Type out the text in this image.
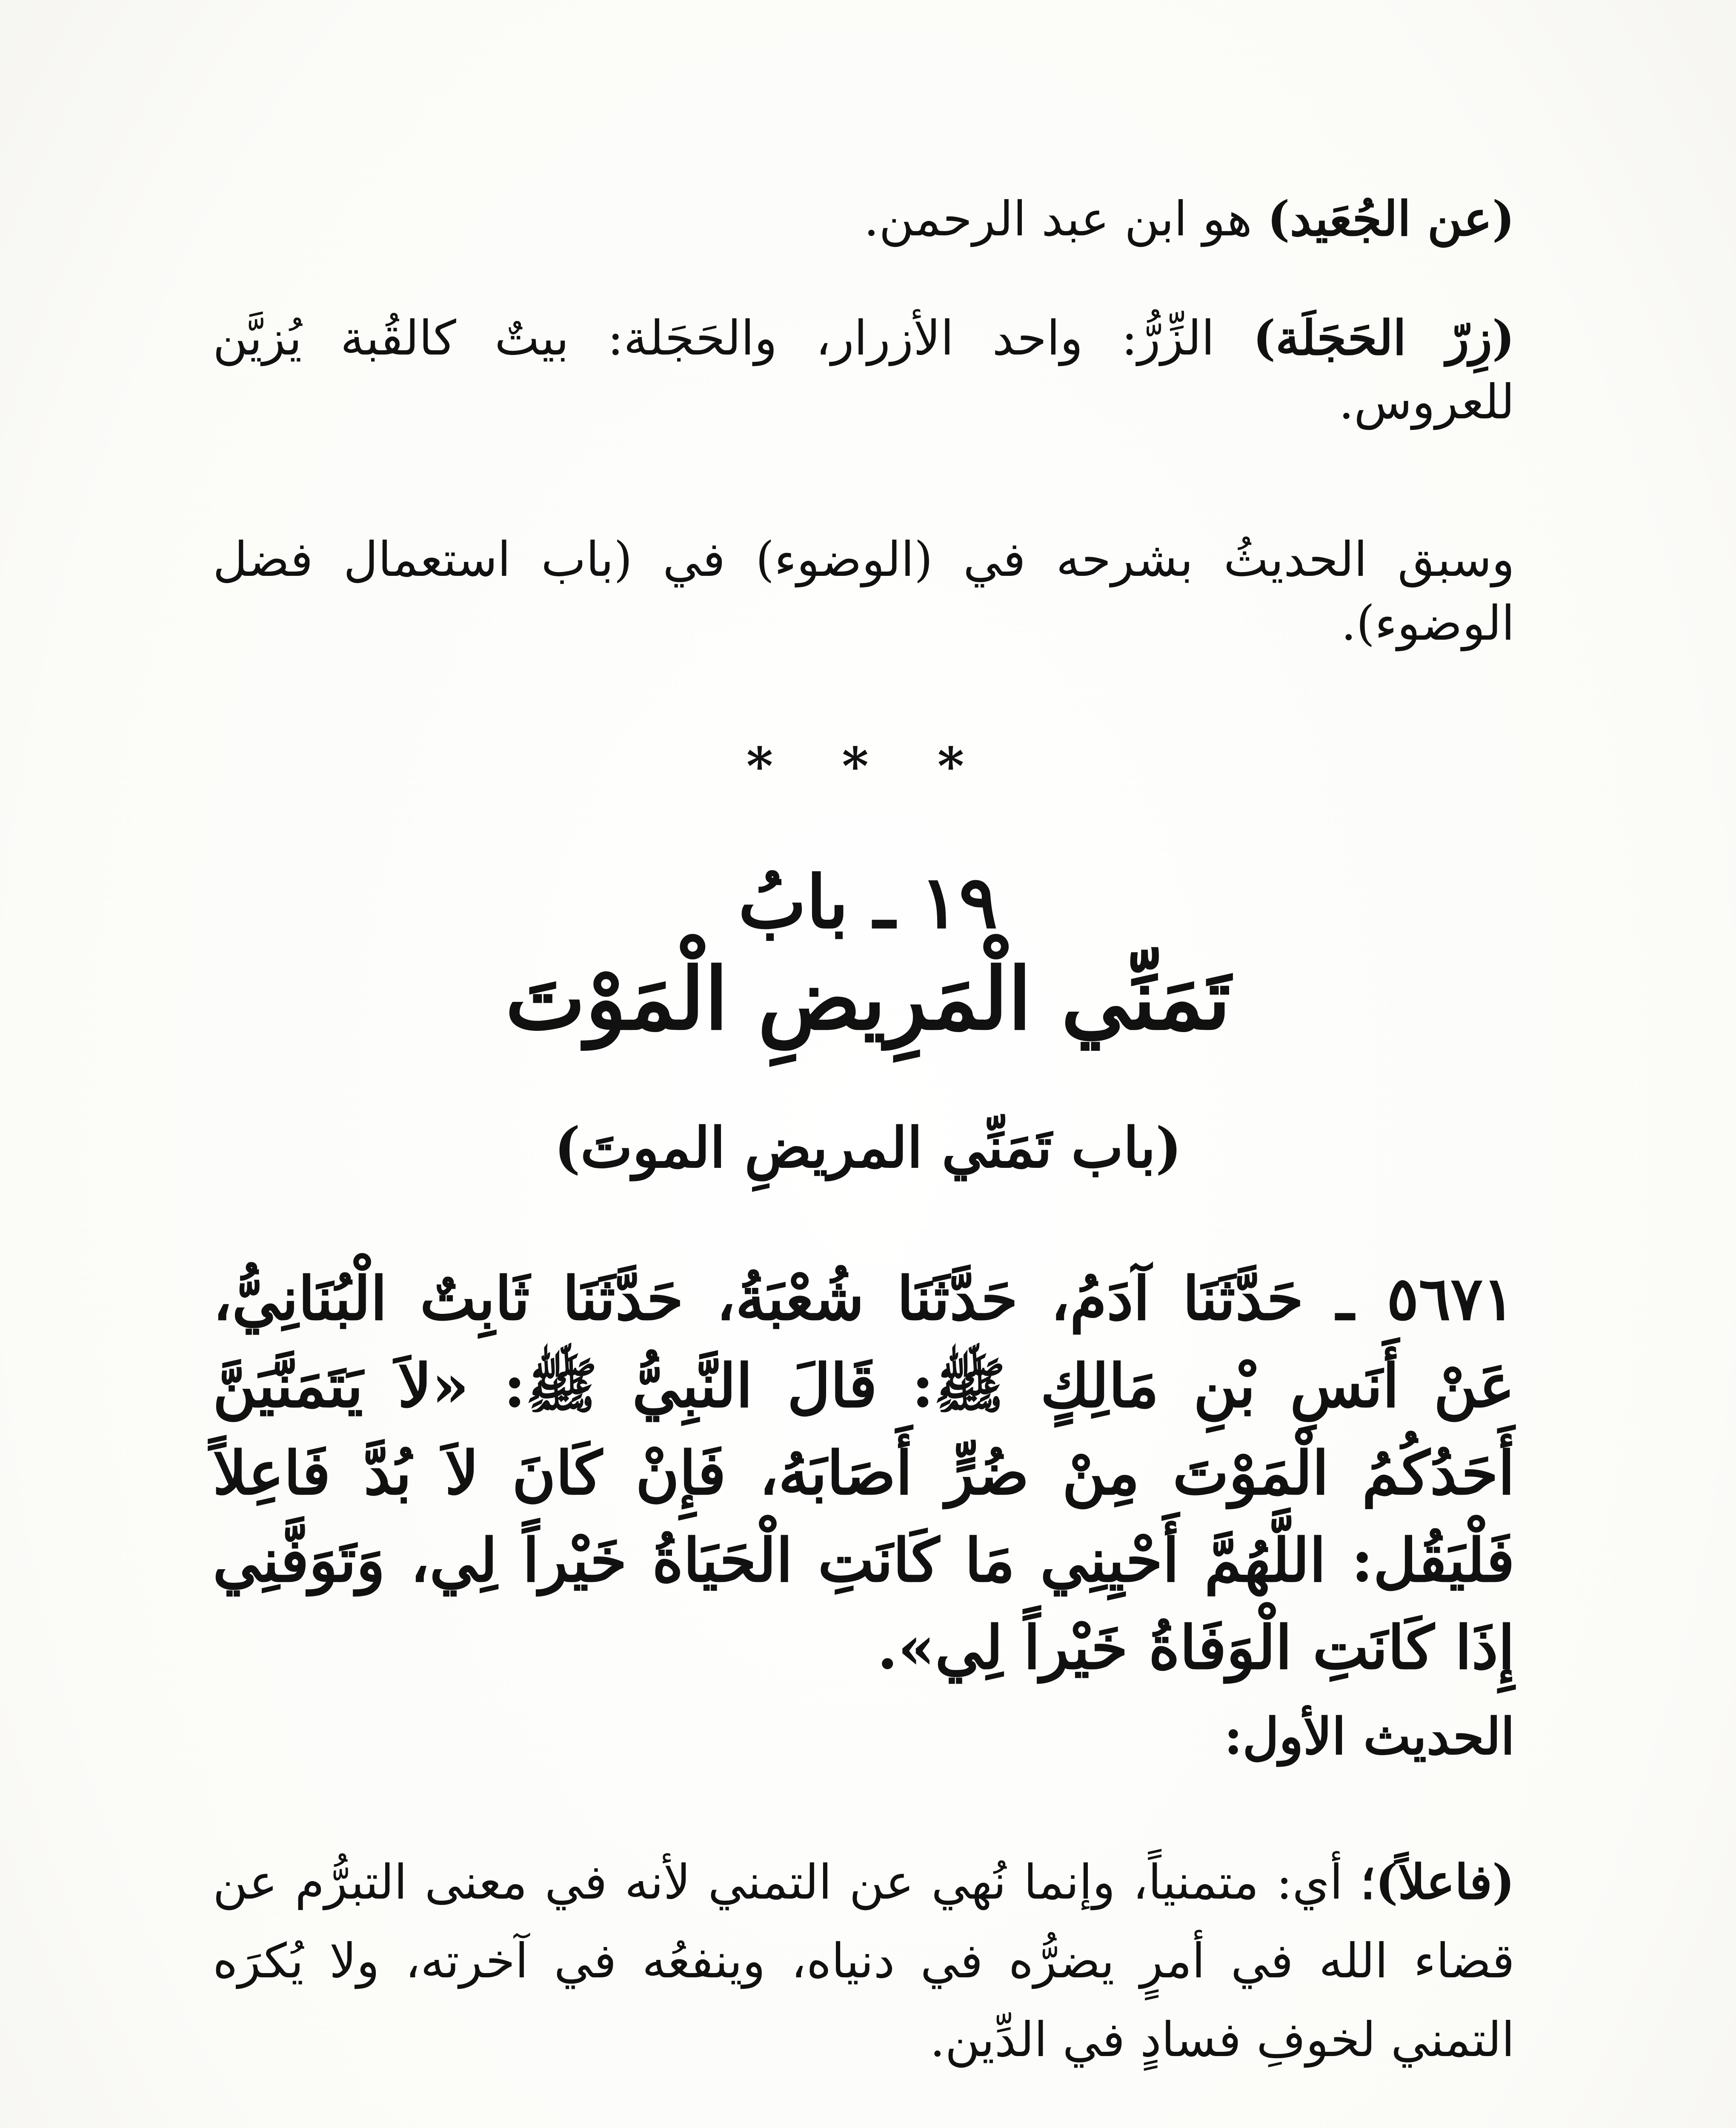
(عن الجُعَيد) هو ابن عبد الرحمن.
(زِرّ الحَجَلَة) الزِّرُّ: واحد الأزرار، والحَجَلة: بيتٌ كالقُبة يُزيَّن للعروس.
وسبق الحديثُ بشرحه في (الوضوء) في (باب استعمال فضل الوضوء).
* * *
١٩ ـ بابُ
تَمَنِّي الْمَرِيضِ الْمَوْتَ
(باب تَمَنِّي المريضِ الموتَ)
٥٦٧١ ـ حَدَّثَنَا آدَمُ، حَدَّثَنَا شُعْبَةُ، حَدَّثَنَا ثَابِتٌ الْبُنَانِيُّ، عَنْ أَنَسِ بْنِ مَالِكٍ ﷺ: قَالَ النَّبِيُّ ﷺ: «لاَ يَتَمَنَّيَنَّ أَحَدُكُمُ الْمَوْتَ مِنْ ضُرٍّ أَصَابَهُ، فَإِنْ كَانَ لاَ بُدَّ فَاعِلاً فَلْيَقُل: اللَّهُمَّ أَحْيِنِي مَا كَانَتِ الْحَيَاةُ خَيْراً لِي، وَتَوَفَّنِي إِذَا كَانَتِ الْوَفَاةُ خَيْراً لِي».
الحديث الأول:
(فاعلاً)؛ أي: متمنياً، وإنما نُهي عن التمني لأنه في معنى التبرُّم عن قضاء الله في أمرٍ يضرُّه في دنياه، وينفعُه في آخرته، ولا يُكرَه التمني لخوفِ فسادٍ في الدِّين.
